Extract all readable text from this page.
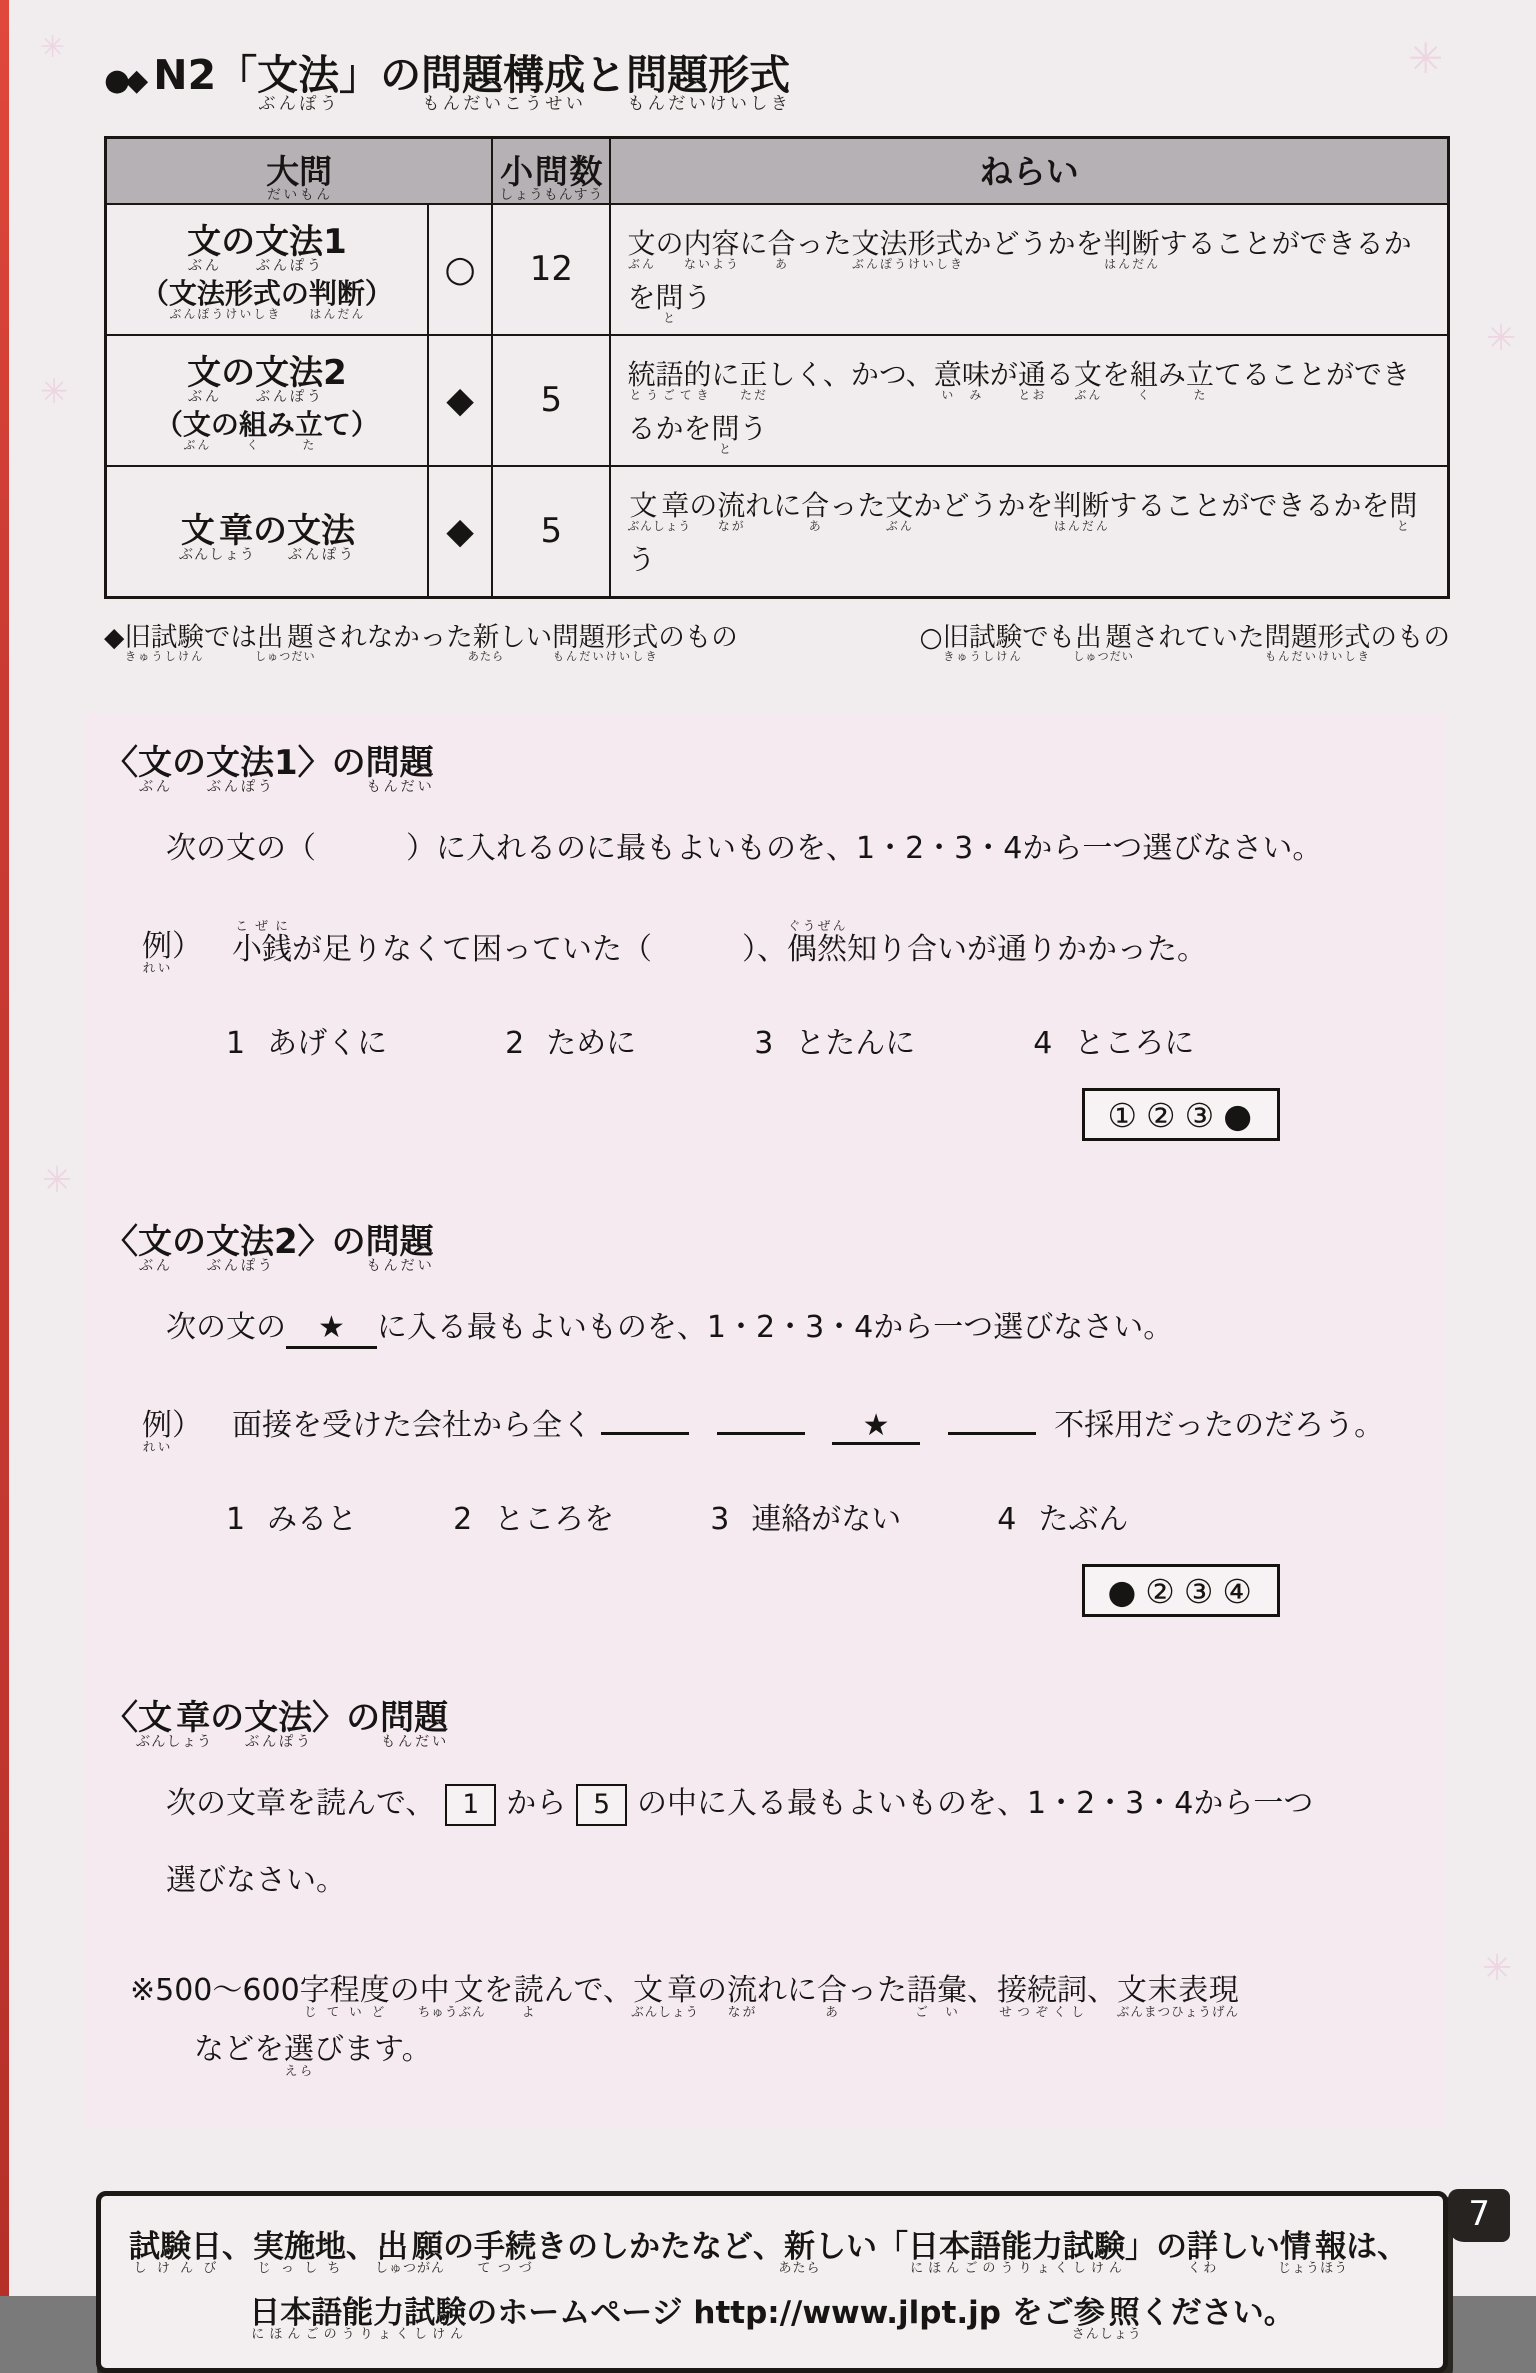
✳
✳
✳
✳
✳
✳
●◆ N2「文法ぶんぽう」の問題構成もんだいこうせいと問題形式もんだいけいしき
大問だいもん		小問数しょうもんすう	ねらい
文ぶんの文法ぶんぽう1
（文法形式ぶんぽうけいしきの判断はんだん）	○	12	文ぶんの内容ないように合あった文法形式ぶんぽうけいしきかどうかを判断はんだんすることができるかを問とう
文ぶんの文法ぶんぽう2
（文ぶんの組くみ立たて）	◆	5	統語的とうごてきに正ただしく、かつ、意味いみが通とおる文ぶんを組くみ立たてることができるかを問とう
文章ぶんしょうの文法ぶんぽう	◆	5	文章ぶんしょうの流ながれに合あった文ぶんかどうかを判断はんだんすることができるかを問とう
◆旧試験きゅうしけんでは出題しゅつだいされなかった新あたらしい問題形式もんだいけいしきのもの	○旧試験きゅうしけんでも出題しゅつだいされていた問題形式もんだいけいしきのもの
〈文ぶんの文法ぶんぽう1〉の問題もんだい
次の文の（　　　）に入れるのに最もよいものを、1・2・3・4から一つ選びなさい。
例れい） 小銭こぜにが足りなくて困っていた（　　　）、偶然ぐうぜん知り合いが通りかかった。
1 あげくに	2 ために	3 とたんに	4 ところに
①②③●
〈文ぶんの文法ぶんぽう2〉の問題もんだい
次の文の　★　に入る最もよいものを、1・2・3・4から一つ選びなさい。
例れい） 面接を受けた会社から全く	★	不採用だったのだろう。
1 みると	2 ところを	3 連絡がない	4 たぶん
●②③④
〈文章ぶんしょうの文法ぶんぽう〉の問題もんだい
次の文章を読んで、 1 から 5 の中に入る最もよいものを、1・2・3・4から一つ
選びなさい。
※500～600字程度じていどの中文ちゅうぶんを読よんで、文章ぶんしょうの流ながれに合あった語彙ごい、接続詞せつぞくし、文末表現ぶんまつひょうげん
などを選えらびます。
試験日しけんび、実施地じっしち、出願しゅつがんの手続てつづきのしかたなど、新あたらしい「日本語能力試験にほんごのうりょくしけん」の詳くわしい情報じょうほうは、
日本語能力試験にほんごのうりょくしけんのホームページ http://www.jlpt.jp をご参照さんしょうください。
7
